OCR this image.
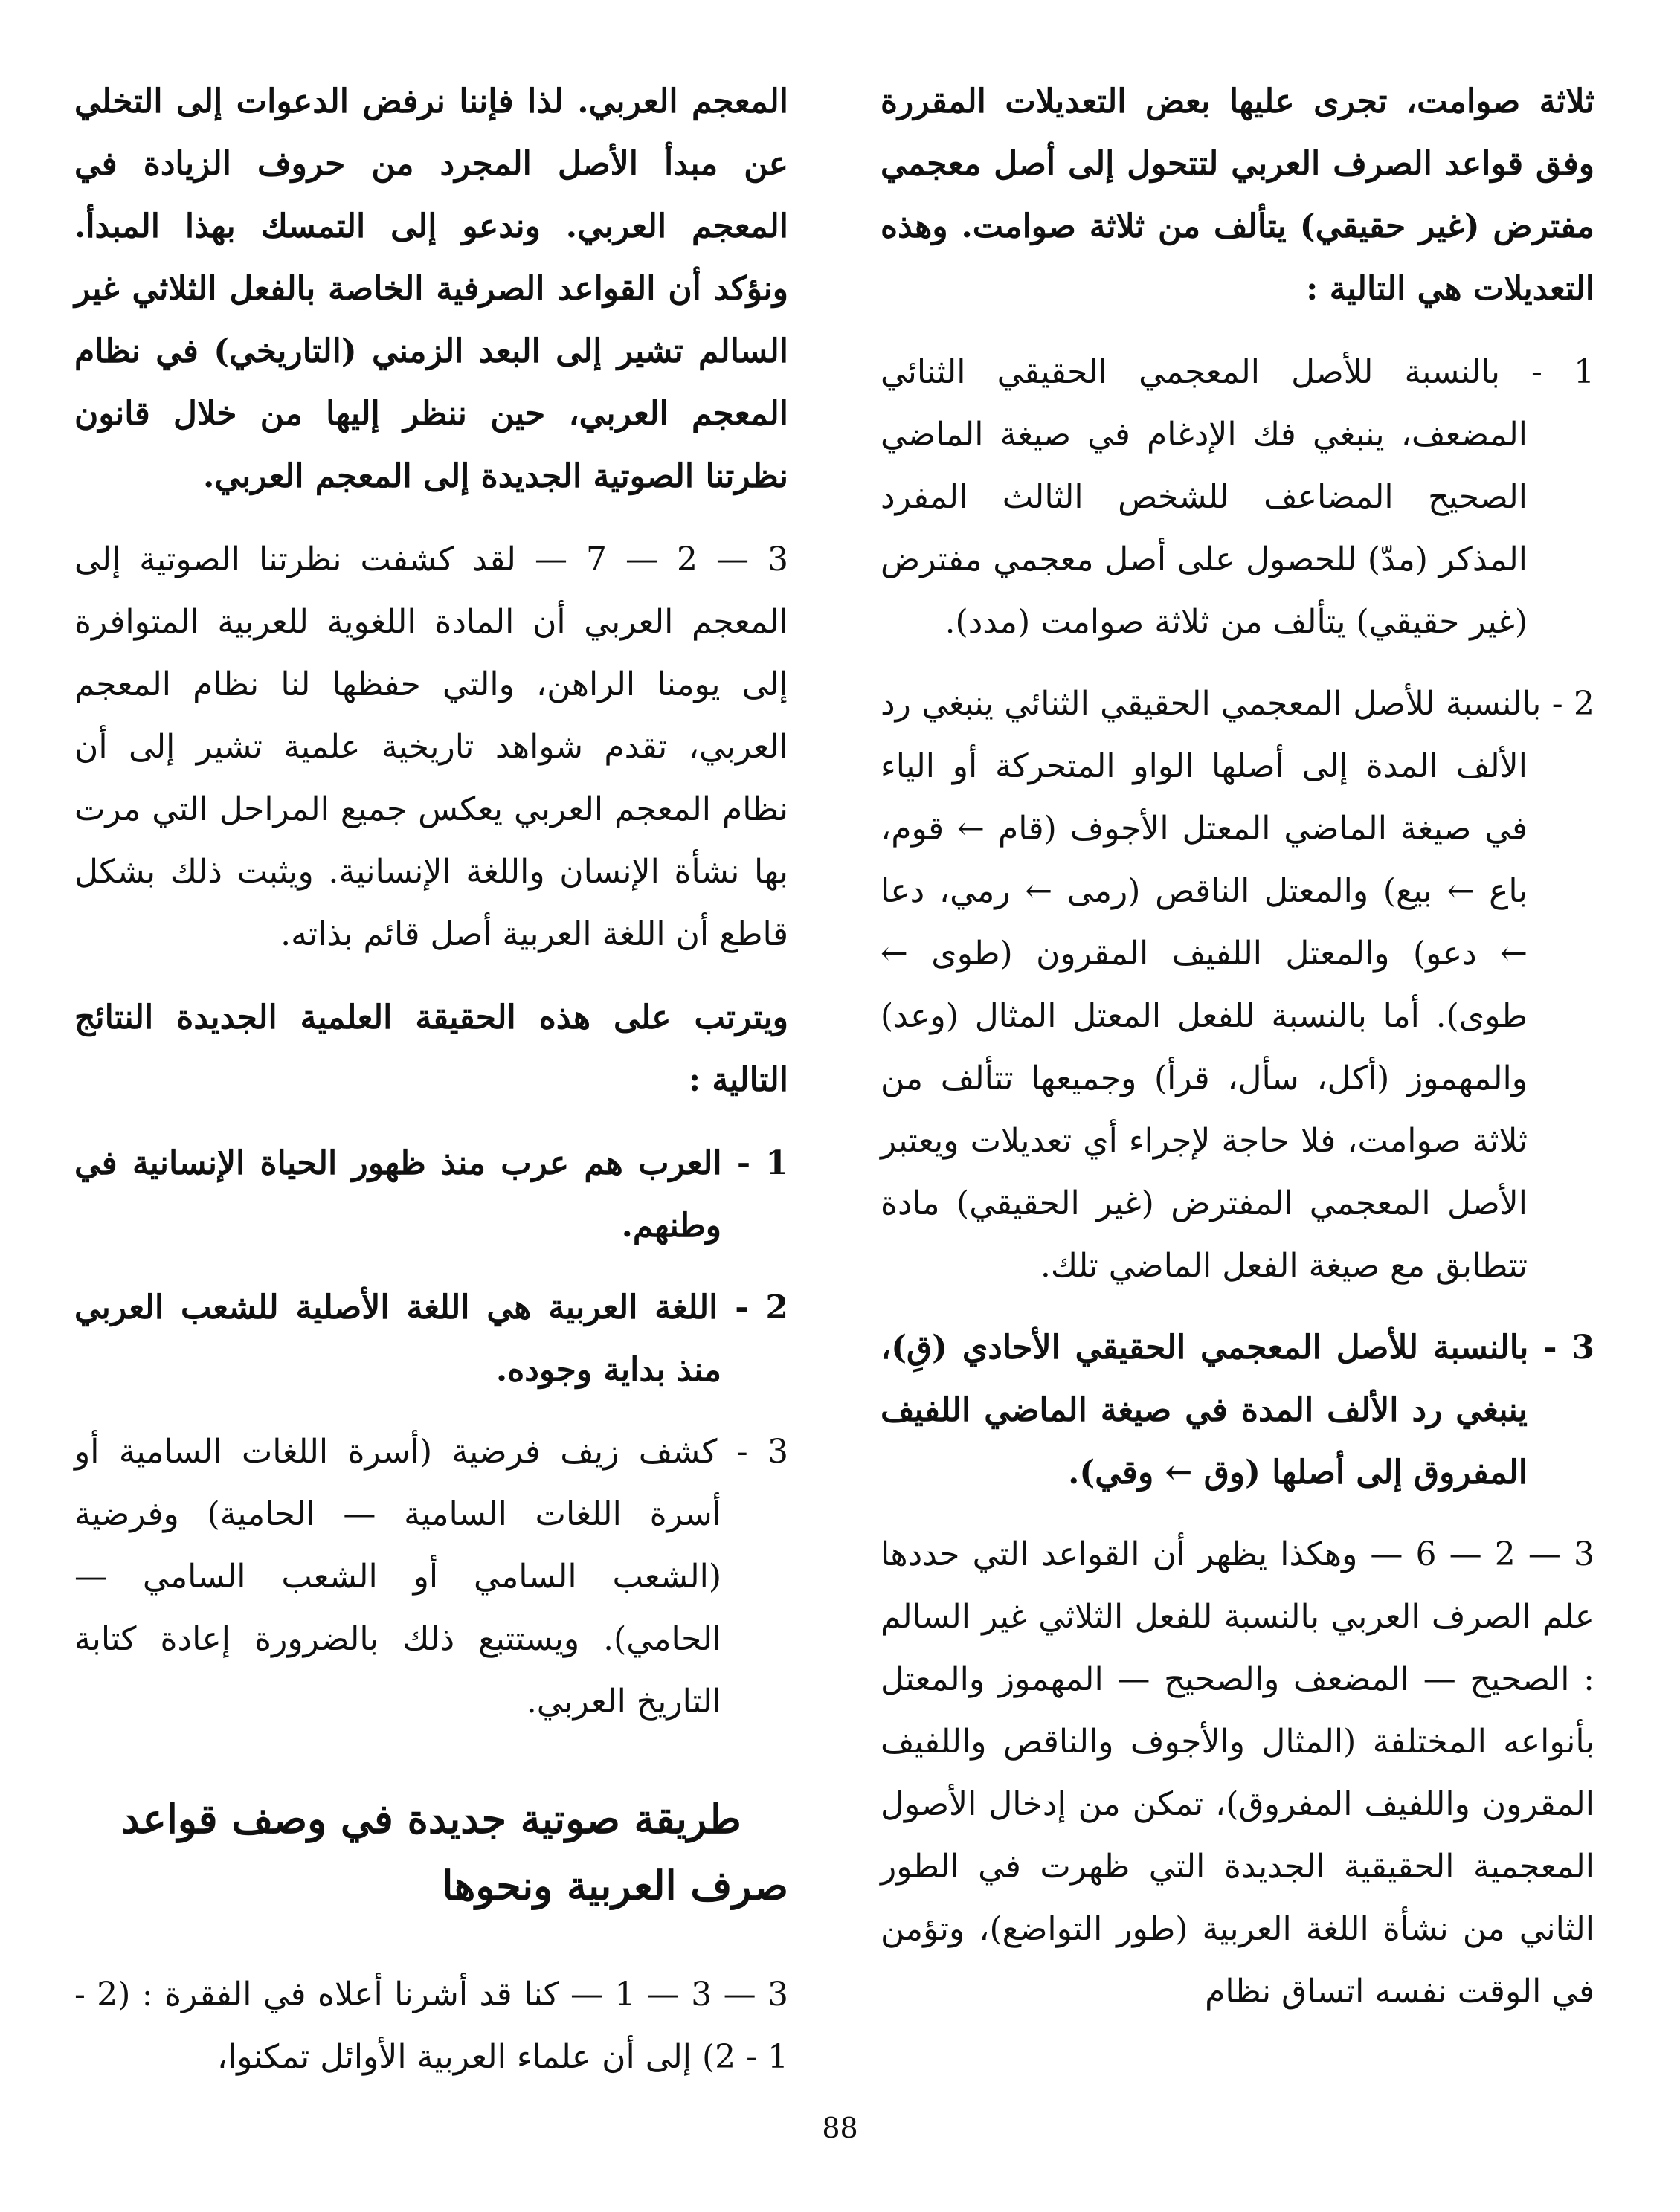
ثلاثة صوامت، تجرى عليها بعض التعديلات المقررة وفق قواعد الصرف العربي لتتحول إلى أصل معجمي مفترض (غير حقيقي) يتألف من ثلاثة صوامت. وهذه التعديلات هي التالية :

1 - بالنسبة للأصل المعجمي الحقيقي الثنائي المضعف، ينبغي فك الإدغام في صيغة الماضي الصحيح المضاعف للشخص الثالث المفرد المذكر (مدّ) للحصول على أصل معجمي مفترض (غير حقيقي) يتألف من ثلاثة صوامت (مدد).

2 - بالنسبة للأصل المعجمي الحقيقي الثنائي ينبغي رد الألف المدة إلى أصلها الواو المتحركة أو الياء في صيغة الماضي المعتل الأجوف (قام ← قوم، باع ← بيع) والمعتل الناقص (رمى ← رمي، دعا ← دعو) والمعتل اللفيف المقرون (طوى ← طوى). أما بالنسبة للفعل المعتل المثال (وعد) والمهموز (أكل، سأل، قرأ) وجميعها تتألف من ثلاثة صوامت، فلا حاجة لإجراء أي تعديلات ويعتبر الأصل المعجمي المفترض (غير الحقيقي) مادة تتطابق مع صيغة الفعل الماضي تلك.

3 - بالنسبة للأصل المعجمي الحقيقي الأحادي (قِ)، ينبغي رد الألف المدة في صيغة الماضي اللفيف المفروق إلى أصلها (وق ← وقي).

3 — 2 — 6 — وهكذا يظهر أن القواعد التي حددها علم الصرف العربي بالنسبة للفعل الثلاثي غير السالم : الصحيح — المضعف والصحيح — المهموز والمعتل بأنواعه المختلفة (المثال والأجوف والناقص واللفيف المقرون واللفيف المفروق)، تمكن من إدخال الأصول المعجمية الحقيقية الجديدة التي ظهرت في الطور الثاني من نشأة اللغة العربية (طور التواضع)، وتؤمن في الوقت نفسه اتساق نظام

المعجم العربي. لذا فإننا نرفض الدعوات إلى التخلي عن مبدأ الأصل المجرد من حروف الزيادة في المعجم العربي. وندعو إلى التمسك بهذا المبدأ. ونؤكد أن القواعد الصرفية الخاصة بالفعل الثلاثي غير السالم تشير إلى البعد الزمني (التاريخي) في نظام المعجم العربي، حين ننظر إليها من خلال قانون نظرتنا الصوتية الجديدة إلى المعجم العربي.

3 — 2 — 7 — لقد كشفت نظرتنا الصوتية إلى المعجم العربي أن المادة اللغوية للعربية المتوافرة إلى يومنا الراهن، والتي حفظها لنا نظام المعجم العربي، تقدم شواهد تاريخية علمية تشير إلى أن نظام المعجم العربي يعكس جميع المراحل التي مرت بها نشأة الإنسان واللغة الإنسانية. ويثبت ذلك بشكل قاطع أن اللغة العربية أصل قائم بذاته.

ويترتب على هذه الحقيقة العلمية الجديدة النتائج التالية :

1 - العرب هم عرب منذ ظهور الحياة الإنسانية في وطنهم.

2 - اللغة العربية هي اللغة الأصلية للشعب العربي منذ بداية وجوده.

3 - كشف زيف فرضية (أسرة اللغات السامية أو أسرة اللغات السامية — الحامية) وفرضية (الشعب السامي أو الشعب السامي — الحامي). ويستتبع ذلك بالضرورة إعادة كتابة التاريخ العربي.

طريقة صوتية جديدة في وصف قواعد صرف العربية ونحوها

3 — 3 — 1 — كنا قد أشرنا أعلاه في الفقرة : (2 - 1 - 2) إلى أن علماء العربية الأوائل تمكنوا،

88
